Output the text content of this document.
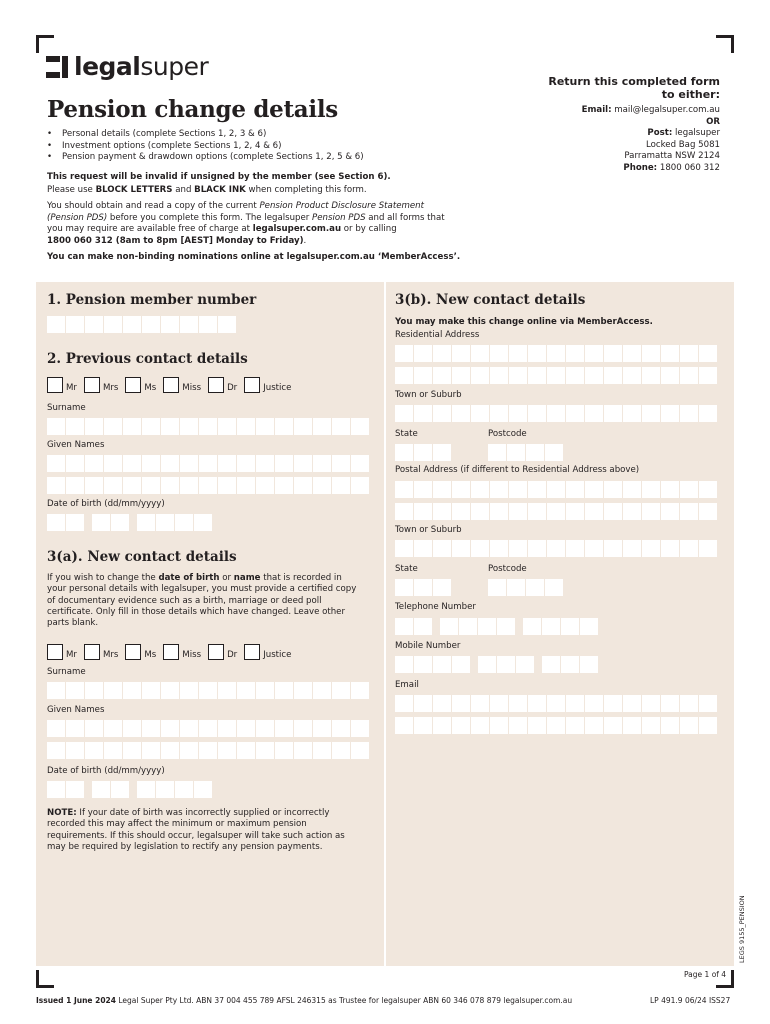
legalsuper
Pension change details
• Personal details (complete Sections 1, 2, 3 & 6)
• Investment options (complete Sections 1, 2, 4 & 6)
• Pension payment & drawdown options (complete Sections 1, 2, 5 & 6)
This request will be invalid if unsigned by the member (see Section 6).
Please use BLOCK LETTERS and BLACK INK when completing this form.
You should obtain and read a copy of the current Pension Product Disclosure Statement
(Pension PDS) before you complete this form. The legalsuper Pension PDS and all forms that
you may require are available free of charge at legalsuper.com.au or by calling
1800 060 312 (8am to 8pm [AEST] Monday to Friday).
You can make non-binding nominations online at legalsuper.com.au ‘MemberAccess’.
Return this completed form
to either:
Email: mail@legalsuper.com.au
OR
Post: legalsuper
Locked Bag 5081
Parramatta NSW 2124
Phone: 1800 060 312
1. Pension member number
2. Previous contact details
Mr	Mrs	Ms	Miss	Dr	Justice
Surname
Given Names
Date of birth (dd/mm/yyyy)
3(a). New contact details
If you wish to change the date of birth or name that is recorded in
your personal details with legalsuper, you must provide a certified copy
of documentary evidence such as a birth, marriage or deed poll
certificate. Only fill in those details which have changed. Leave other
parts blank.
Mr	Mrs	Ms	Miss	Dr	Justice
Surname
Given Names
Date of birth (dd/mm/yyyy)
NOTE: If your date of birth was incorrectly supplied or incorrectly
recorded this may affect the minimum or maximum pension
requirements. If this should occur, legalsuper will take such action as
may be required by legislation to rectify any pension payments.
3(b). New contact details
You may make this change online via MemberAccess.
Residential Address
Town or Suburb
State	Postcode
Postal Address (if different to Residential Address above)
Town or Suburb
State	Postcode
Telephone Number
Mobile Number
Email
LEGS 9155_PENSION
Page 1 of 4
Issued 1 June 2024 Legal Super Pty Ltd. ABN 37 004 455 789 AFSL 246315 as Trustee for legalsuper ABN 60 346 078 879 legalsuper.com.au	LP 491.9 06/24 ISS27
